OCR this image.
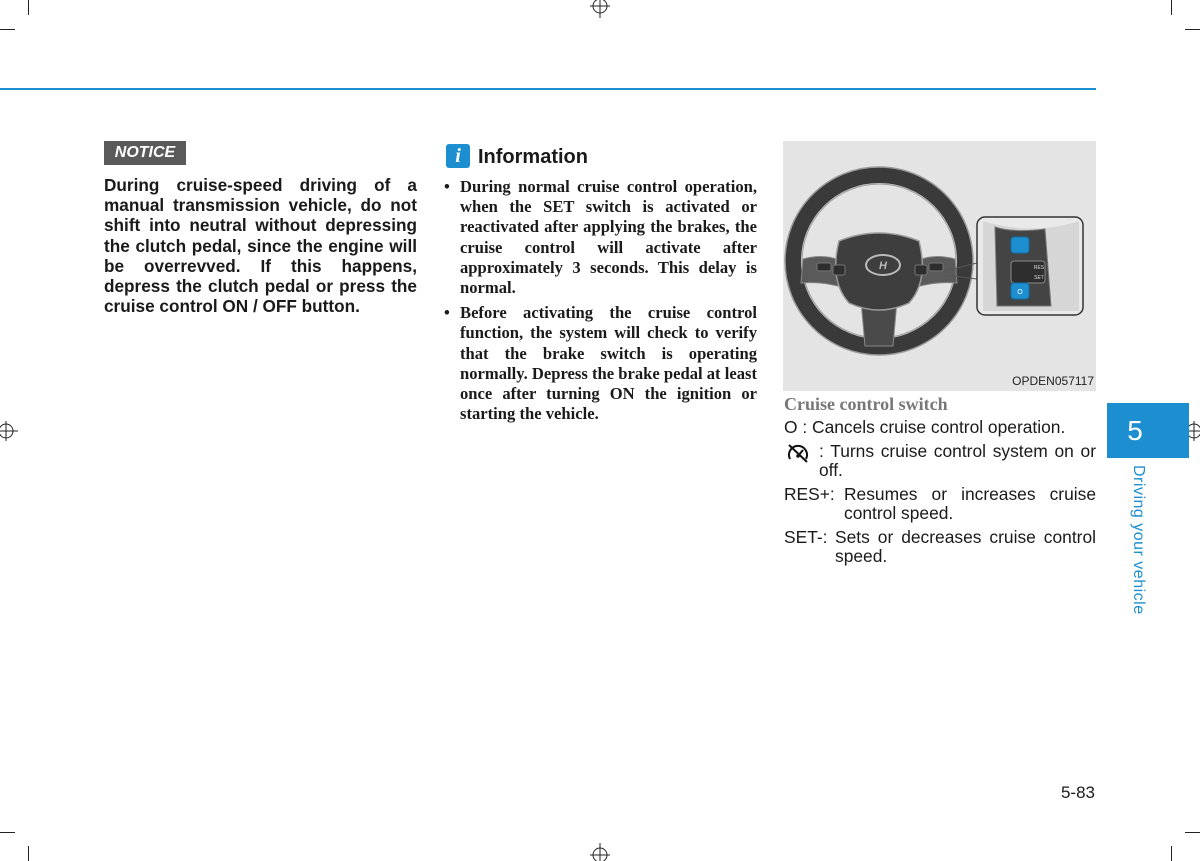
NOTICE
During cruise-speed driving of a manual transmission vehicle, do not shift into neutral without depressing the clutch pedal, since the engine will be overrevved. If this happens, depress the clutch pedal or press the cruise control ON / OFF button.
i Information
• During normal cruise control operation, when the SET switch is activated or reactivated after applying the brakes, the cruise control will activate after approximately 3 seconds. This delay is normal.
• Before activating the cruise control function, the system will check to verify that the brake switch is operating normally. Depress the brake pedal at least once after turning ON the ignition or starting the vehicle.
H	RES
SET
O
OPDEN057117
Cruise control switch
O : Cancels cruise control operation.
: Turns cruise control system on or off.
RES+: Resumes or increases cruise control speed.
SET-: Sets or decreases cruise control speed.
5
Driving your vehicle
5-83
